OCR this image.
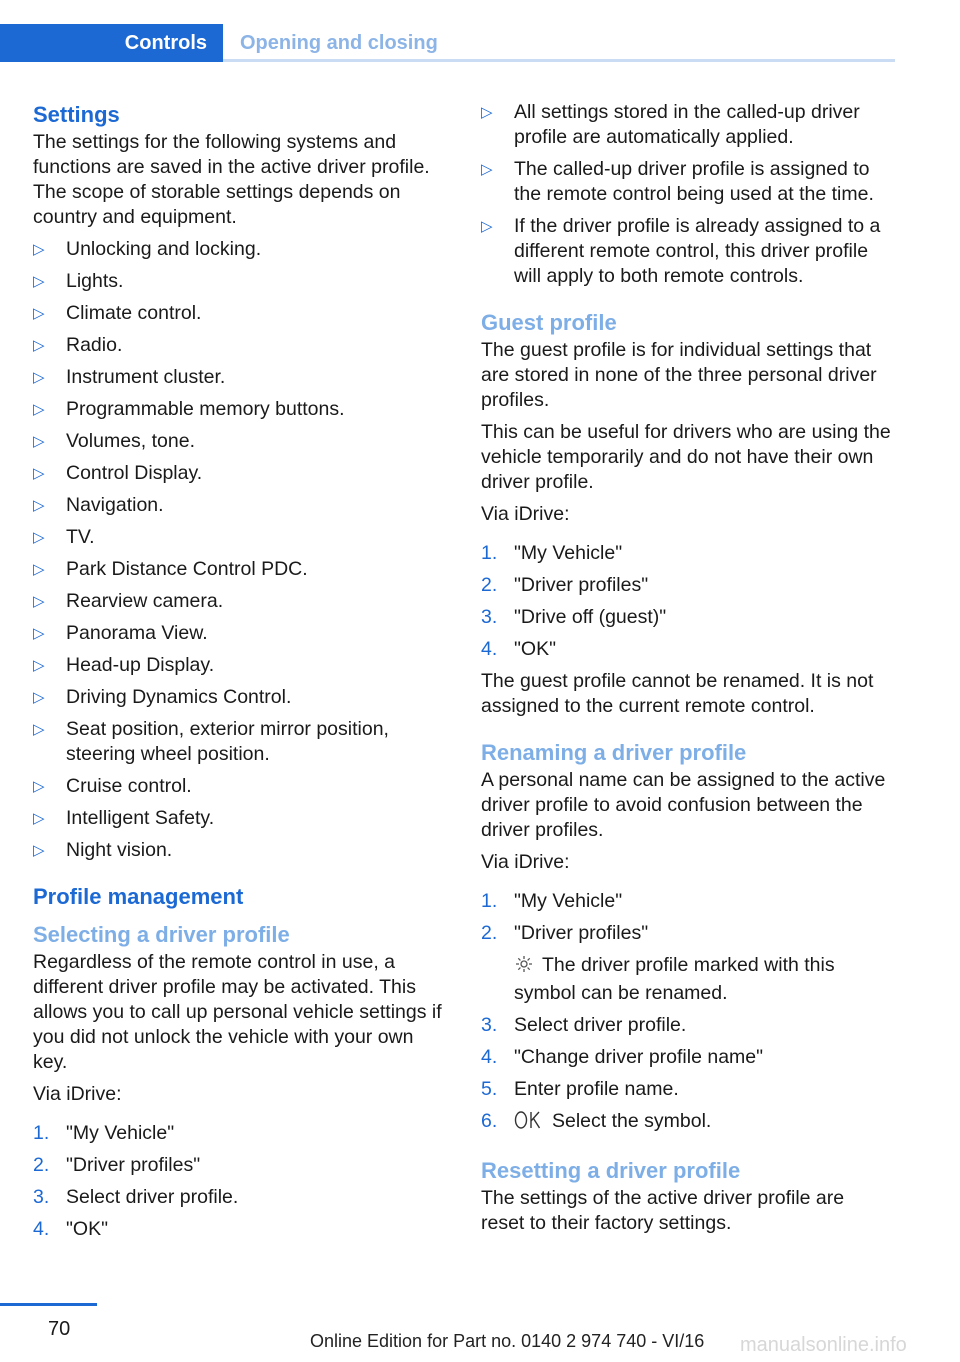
Controls	Opening and closing
Settings

The settings for the following systems and functions are saved in the active driver profile. The scope of storable settings depends on country and equipment.

▷ Unlocking and locking.
▷ Lights.
▷ Climate control.
▷ Radio.
▷ Instrument cluster.
▷ Programmable memory buttons.
▷ Volumes, tone.
▷ Control Display.
▷ Navigation.
▷ TV.
▷ Park Distance Control PDC.
▷ Rearview camera.
▷ Panorama View.
▷ Head-up Display.
▷ Driving Dynamics Control.
▷ Seat position, exterior mirror position, steering wheel position.
▷ Cruise control.
▷ Intelligent Safety.
▷ Night vision.
Profile management
Selecting a driver profile

Regardless of the remote control in use, a different driver profile may be activated. This allows you to call up personal vehicle settings if you did not unlock the vehicle with your own key.

Via iDrive:

1. "My Vehicle"
2. "Driver profiles"
3. Select driver profile.
4. "OK"
▷ All settings stored in the called-up driver profile are automatically applied.
▷ The called-up driver profile is assigned to the remote control being used at the time.
▷ If the driver profile is already assigned to a different remote control, this driver profile will apply to both remote controls.
Guest profile

The guest profile is for individual settings that are stored in none of the three personal driver profiles.

This can be useful for drivers who are using the vehicle temporarily and do not have their own driver profile.

Via iDrive:

1. "My Vehicle"
2. "Driver profiles"
3. "Drive off (guest)"
4. "OK"

The guest profile cannot be renamed. It is not assigned to the current remote control.

Renaming a driver profile

A personal name can be assigned to the active driver profile to avoid confusion between the driver profiles.

Via iDrive:

1. "My Vehicle"
2. "Driver profiles"
The driver profile marked with this symbol can be renamed.
3. Select driver profile.
4. "Change driver profile name"
5. Enter profile name.
6.	Select the symbol.
Resetting a driver profile

The settings of the active driver profile are reset to their factory settings.

70
Online Edition for Part no. 0140 2 974 740 - VI/16 manualsonline.info
